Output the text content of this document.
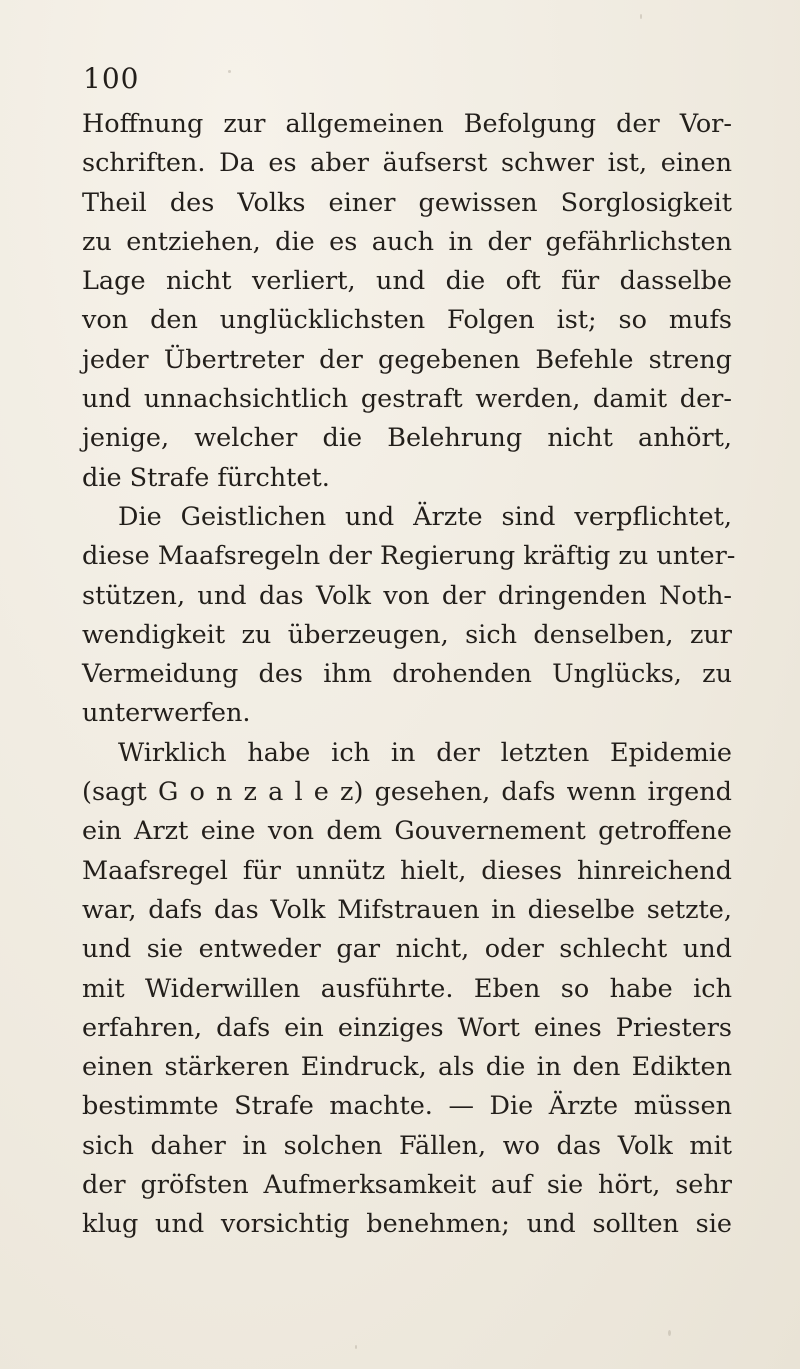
100
Hoffnung zur allgemeinen Befolgung der Vor-
schriften. Da es aber äufserst schwer ist, einen
Theil des Volks einer gewissen Sorglosigkeit
zu entziehen, die es auch in der gefährlichsten
Lage nicht verliert, und die oft für dasselbe
von den unglücklichsten Folgen ist; so mufs
jeder Übertreter der gegebenen Befehle streng
und unnachsichtlich gestraft werden, damit der-
jenige, welcher die Belehrung nicht anhört,
die Strafe fürchtet.
Die Geistlichen und Ärzte sind verpflichtet,
diese Maafsregeln der Regierung kräftig zu unter-
stützen, und das Volk von der dringenden Noth-
wendigkeit zu überzeugen, sich denselben, zur
Vermeidung des ihm drohenden Unglücks, zu
unterwerfen.
Wirklich habe ich in der letzten Epidemie
(sagt G o n z a l e z) gesehen, dafs wenn irgend
ein Arzt eine von dem Gouvernement getroffene
Maafsregel für unnütz hielt, dieses hinreichend
war, dafs das Volk Mifstrauen in dieselbe setzte,
und sie entweder gar nicht, oder schlecht und
mit Widerwillen ausführte. Eben so habe ich
erfahren, dafs ein einziges Wort eines Priesters
einen stärkeren Eindruck, als die in den Edikten
bestimmte Strafe machte. — Die Ärzte müssen
sich daher in solchen Fällen, wo das Volk mit
der gröfsten Aufmerksamkeit auf sie hört, sehr
klug und vorsichtig benehmen; und sollten sie
